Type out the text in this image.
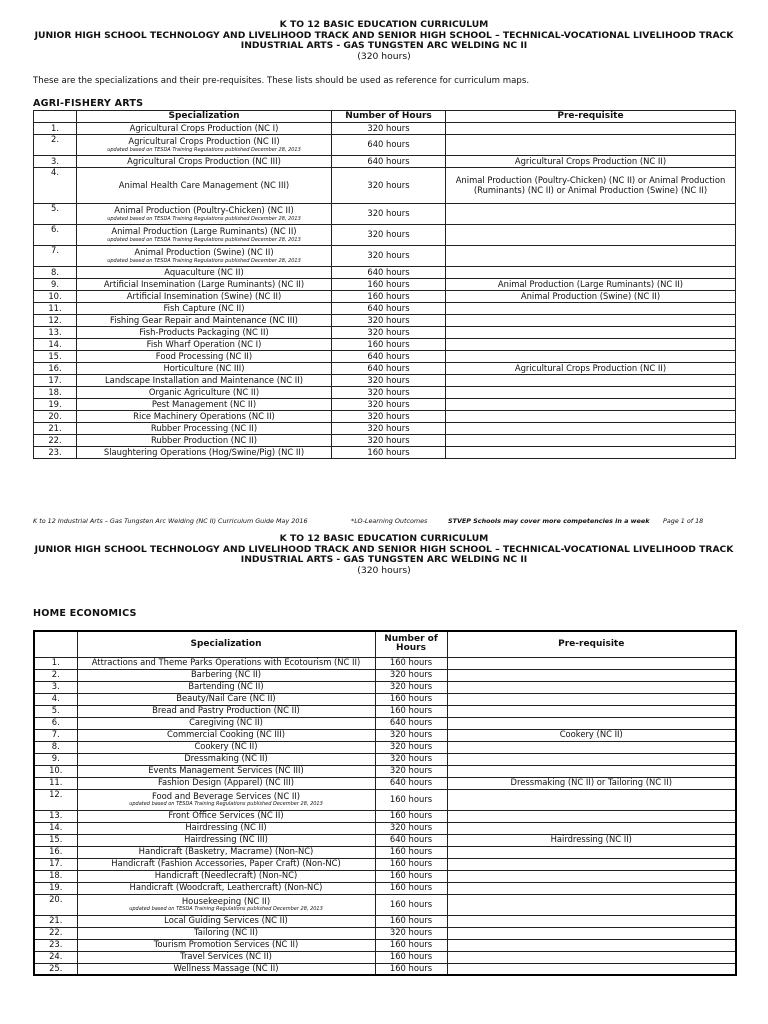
K TO 12 BASIC EDUCATION CURRICULUM
JUNIOR HIGH SCHOOL TECHNOLOGY AND LIVELIHOOD TRACK AND SENIOR HIGH SCHOOL – TECHNICAL-VOCATIONAL LIVELIHOOD TRACK
INDUSTRIAL ARTS - GAS TUNGSTEN ARC WELDING NC II
(320 hours)
These are the specializations and their pre-requisites. These lists should be used as reference for curriculum maps.
AGRI-FISHERY ARTS
	Specialization	Number of Hours	Pre-requisite
1.	Agricultural Crops Production (NC I)	320 hours	
2.	Agricultural Crops Production (NC II)
updated based on TESDA Training Regulations published December 28, 2013	640 hours	
3.	Agricultural Crops Production (NC III)	640 hours	Agricultural Crops Production (NC II)
4.	Animal Health Care Management (NC III)	320 hours	Animal Production (Poultry-Chicken) (NC II) or Animal Production (Ruminants) (NC II) or Animal Production (Swine) (NC II)
5.	Animal Production (Poultry-Chicken) (NC II)
updated based on TESDA Training Regulations published December 28, 2013	320 hours	
6.	Animal Production (Large Ruminants) (NC II)
updated based on TESDA Training Regulations published December 28, 2013	320 hours	
7.	Animal Production (Swine) (NC II)
updated based on TESDA Training Regulations published December 28, 2013	320 hours	
8.	Aquaculture (NC II)	640 hours	
9.	Artificial Insemination (Large Ruminants) (NC II)	160 hours	Animal Production (Large Ruminants) (NC II)
10.	Artificial Insemination (Swine) (NC II)	160 hours	Animal Production (Swine) (NC II)
11.	Fish Capture (NC II)	640 hours	
12.	Fishing Gear Repair and Maintenance (NC III)	320 hours	
13.	Fish-Products Packaging (NC II)	320 hours	
14.	Fish Wharf Operation (NC I)	160 hours	
15.	Food Processing (NC II)	640 hours	
16.	Horticulture (NC III)	640 hours	Agricultural Crops Production (NC II)
17.	Landscape Installation and Maintenance (NC II)	320 hours	
18.	Organic Agriculture (NC II)	320 hours	
19.	Pest Management (NC II)	320 hours	
20.	Rice Machinery Operations (NC II)	320 hours	
21.	Rubber Processing (NC II)	320 hours	
22.	Rubber Production (NC II)	320 hours	
23.	Slaughtering Operations (Hog/Swine/Pig) (NC II)	160 hours	
K to 12 Industrial Arts – Gas Tungsten Arc Welding (NC II) Curriculum Guide May 2016	*LO-Learning Outcomes	STVEP Schools may cover more competencies in a week Page 1 of 18
K TO 12 BASIC EDUCATION CURRICULUM
JUNIOR HIGH SCHOOL TECHNOLOGY AND LIVELIHOOD TRACK AND SENIOR HIGH SCHOOL – TECHNICAL-VOCATIONAL LIVELIHOOD TRACK
INDUSTRIAL ARTS - GAS TUNGSTEN ARC WELDING NC II
(320 hours)
HOME ECONOMICS
	Specialization	Number of Hours	Pre-requisite
1.	Attractions and Theme Parks Operations with Ecotourism (NC II)	160 hours	
2.	Barbering (NC II)	320 hours	
3.	Bartending (NC II)	320 hours	
4.	Beauty/Nail Care (NC II)	160 hours	
5.	Bread and Pastry Production (NC II)	160 hours	
6.	Caregiving (NC II)	640 hours	
7.	Commercial Cooking (NC III)	320 hours	Cookery (NC II)
8.	Cookery (NC II)	320 hours	
9.	Dressmaking (NC II)	320 hours	
10.	Events Management Services (NC III)	320 hours	
11.	Fashion Design (Apparel) (NC III)	640 hours	Dressmaking (NC II) or Tailoring (NC II)
12.	Food and Beverage Services (NC II)
updated based on TESDA Training Regulations published December 28, 2013	160 hours	
13.	Front Office Services (NC II)	160 hours	
14.	Hairdressing (NC II)	320 hours	
15.	Hairdressing (NC III)	640 hours	Hairdressing (NC II)
16.	Handicraft (Basketry, Macrame) (Non-NC)	160 hours	
17.	Handicraft (Fashion Accessories, Paper Craft) (Non-NC)	160 hours	
18.	Handicraft (Needlecraft) (Non-NC)	160 hours	
19.	Handicraft (Woodcraft, Leathercraft) (Non-NC)	160 hours	
20.	Housekeeping (NC II)
updated based on TESDA Training Regulations published December 28, 2013	160 hours	
21.	Local Guiding Services (NC II)	160 hours	
22.	Tailoring (NC II)	320 hours	
23.	Tourism Promotion Services (NC II)	160 hours	
24.	Travel Services (NC II)	160 hours	
25.	Wellness Massage (NC II)	160 hours	
